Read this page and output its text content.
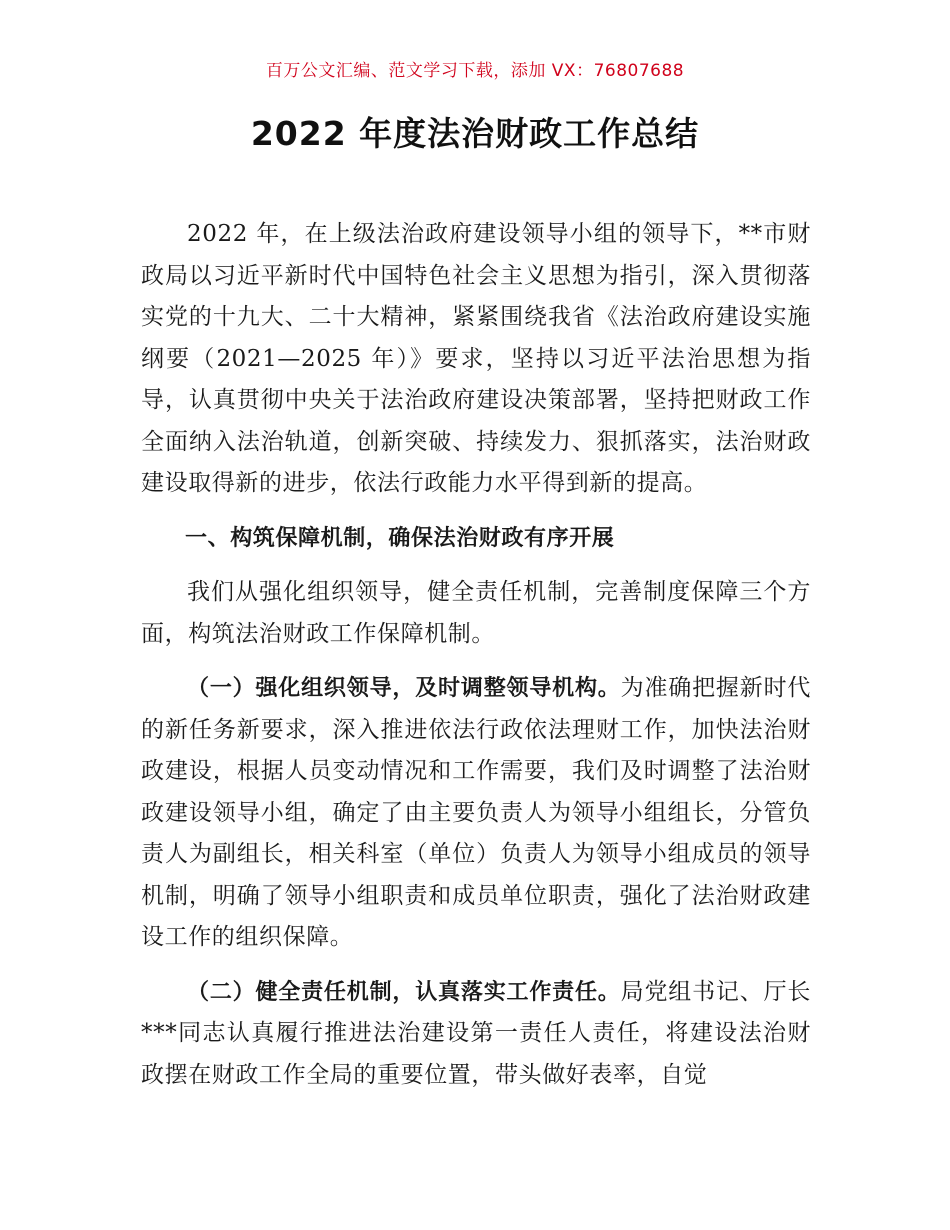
百万公文汇编、范文学习下载，添加 VX：76807688
2022 年度法治财政工作总结

2022 年，在上级法治政府建设领导小组的领导下，**市财政局以习近平新时代中国特色社会主义思想为指引，深入贯彻落实党的十九大、二十大精神，紧紧围绕我省《法治政府建设实施纲要（2021—2025 年）》要求，坚持以习近平法治思想为指导，认真贯彻中央关于法治政府建设决策部署，坚持把财政工作全面纳入法治轨道，创新突破、持续发力、狠抓落实，法治财政建设取得新的进步，依法行政能力水平得到新的提高。

一、构筑保障机制，确保法治财政有序开展

我们从强化组织领导，健全责任机制，完善制度保障三个方面，构筑法治财政工作保障机制。

（一）强化组织领导，及时调整领导机构。为准确把握新时代的新任务新要求，深入推进依法行政依法理财工作，加快法治财政建设，根据人员变动情况和工作需要，我们及时调整了法治财政建设领导小组，确定了由主要负责人为领导小组组长，分管负责人为副组长，相关科室（单位）负责人为领导小组成员的领导机制，明确了领导小组职责和成员单位职责，强化了法治财政建设工作的组织保障。

（二）健全责任机制，认真落实工作责任。局党组书记、厅长***同志认真履行推进法治建设第一责任人责任，将建设法治财政摆在财政工作全局的重要位置，带头做好表率，自觉
